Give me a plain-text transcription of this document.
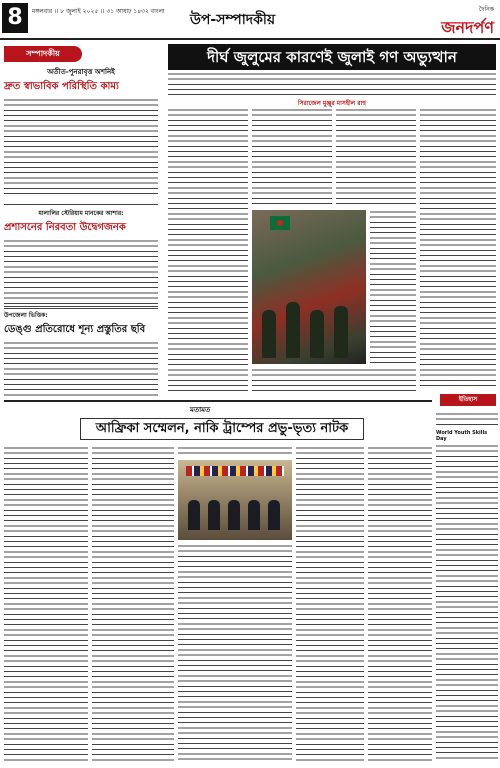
8	মঙ্গলবার ।। ৮ জুলাই ২০২৫ ।। ৩১ আষাঢ় ১৪৩২ বাংলা
উপ-সম্পাদকীয়
দৈনিক
জনদর্পণ
সম্পাদকীয়
অতীত-পুনরাবৃত্ত অশনিই
দ্রুত স্বাভাবিক পরিস্থিতি কাম্য
মালালির স্টেরিয়াম মানকের আশার:
প্রশাসনের নিরবতা উদ্বেগজনক
উপজেলা ভিত্তিক:
ডেঙ্গু প্রতিরোধে শূন্য প্রস্তুতির ছবি
দীর্ঘ জুলুমের কারণেই জুলাই গণ অভ্যুত্থান
সিরাজেল মুঞ্জুর মাসহীল রাহু
ইতিহাস
World Youth Skills Day
মতামত
আফ্রিকা সম্মেলন, নাকি ট্রাম্পের প্রভু-ভৃত্য নাটক
